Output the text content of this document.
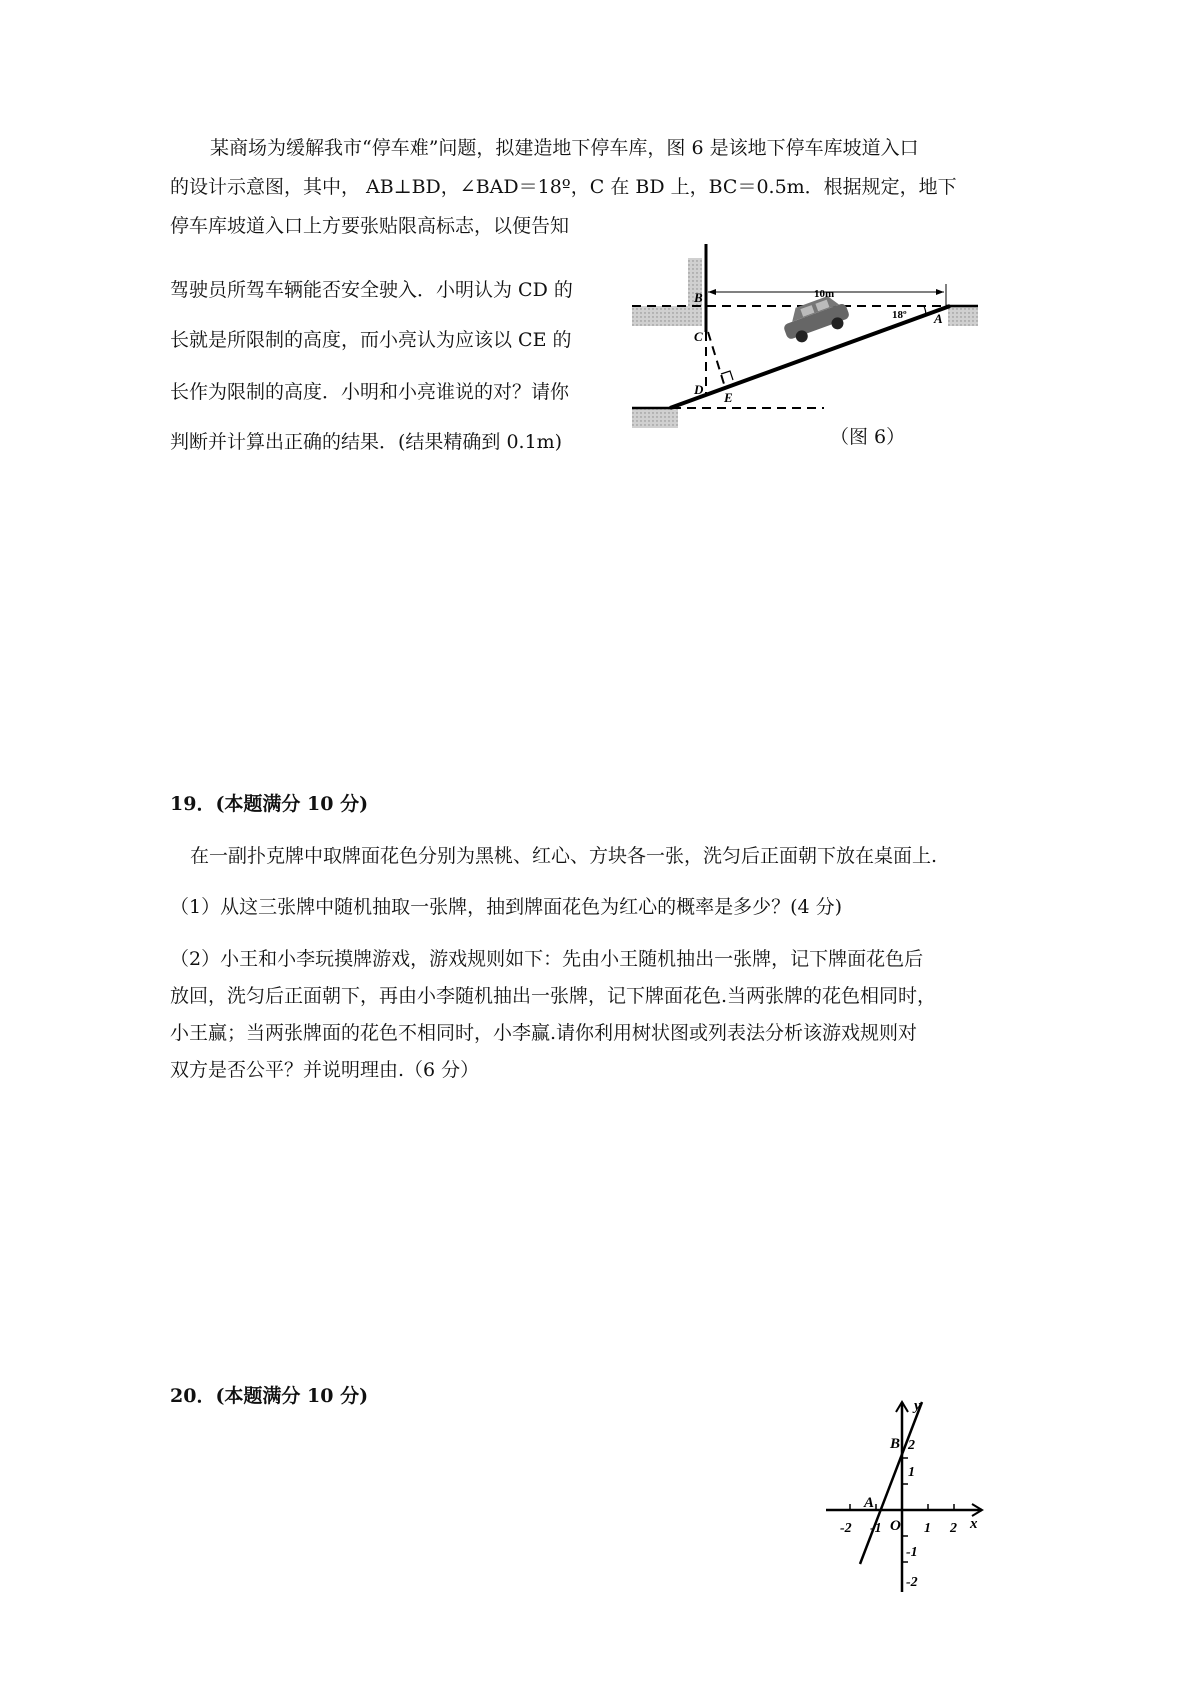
某商场为缓解我市“停车难”问题，拟建造地下停车库，图 6 是该地下停车库坡道入口
的设计示意图，其中， AB⊥BD，∠BAD＝18º，C 在 BD 上，BC＝0.5m．根据规定，地下
停车库坡道入口上方要张贴限高标志，以便告知
驾驶员所驾车辆能否安全驶入．小明认为 CD 的
长就是所限制的高度，而小亮认为应该以 CE 的
长作为限制的高度．小明和小亮谁说的对？请你
判断并计算出正确的结果．(结果精确到 0.1m)
B
C
D
E
A
10m
18º
（图 6）
19．(本题满分 10 分)
在一副扑克牌中取牌面花色分别为黑桃、红心、方块各一张，洗匀后正面朝下放在桌面上.
（1）从这三张牌中随机抽取一张牌，抽到牌面花色为红心的概率是多少？(4 分)
（2）小王和小李玩摸牌游戏，游戏规则如下：先由小王随机抽出一张牌，记下牌面花色后
放回，洗匀后正面朝下，再由小李随机抽出一张牌，记下牌面花色.当两张牌的花色相同时，
小王赢；当两张牌面的花色不相同时，小李赢.请你利用树状图或列表法分析该游戏规则对
双方是否公平？并说明理由.（6 分）
20．(本题满分 10 分)	y
x
B
A
O
-2 -1	1 2
2
1
-1
-2
